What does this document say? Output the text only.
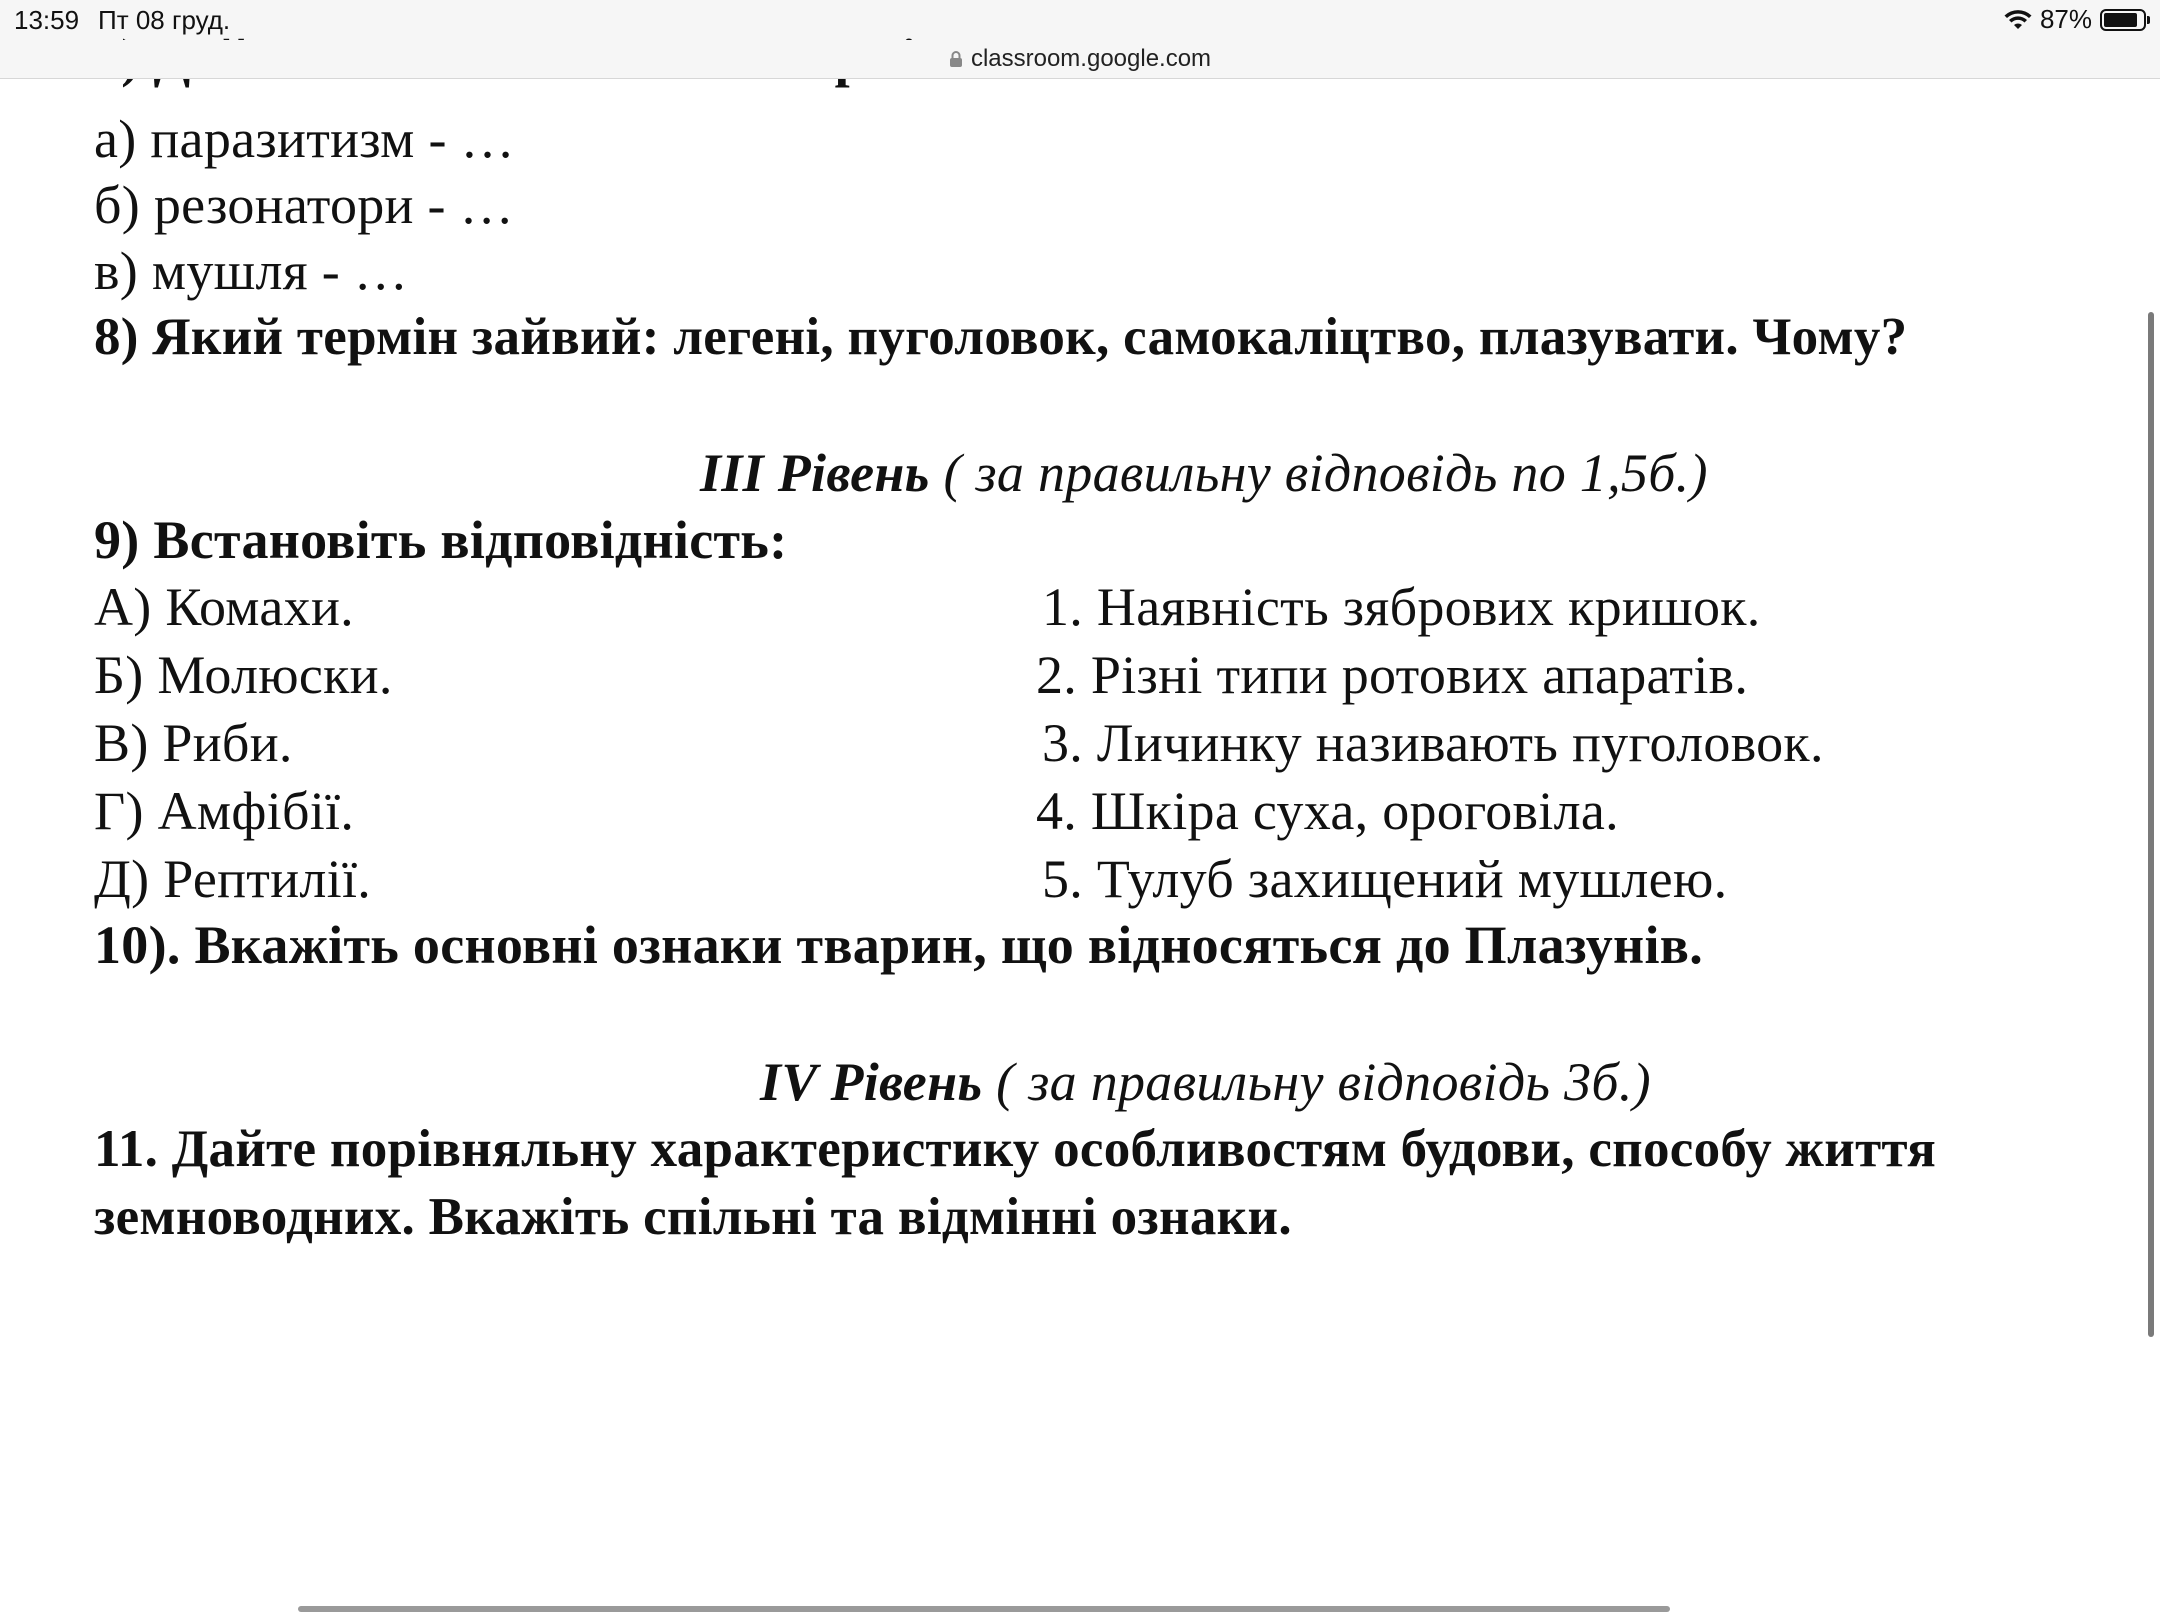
а) паразитизм - …
б) резонатори - …
в) мушля - …
8) Який термін зайвий: легені, пуголовок, самокаліцтво, плазувати. Чому?
ІІІ Рівень ( за правильну відповідь по 1,5б.)
9) Встановіть відповідність:
А) Комахи.
Б) Молюски.
В) Риби.
Г) Амфібії.
Д) Рептилії.
1. Наявність зябрових кришок.
2. Різні типи ротових апаратів.
3. Личинку називають пуголовок.
4. Шкіра суха, ороговіла.
5. Тулуб захищений мушлею.
10). Вкажіть основні ознаки тварин, що відносяться до Плазунів.
IV Рівень ( за правильну відповідь 3б.)
11. Дайте порівняльну характеристику особливостям будови, способу життя
земноводних. Вкажіть спільні та відмінні ознаки.
13:59 Пт 08 груд.	87%
classroom.google.com
